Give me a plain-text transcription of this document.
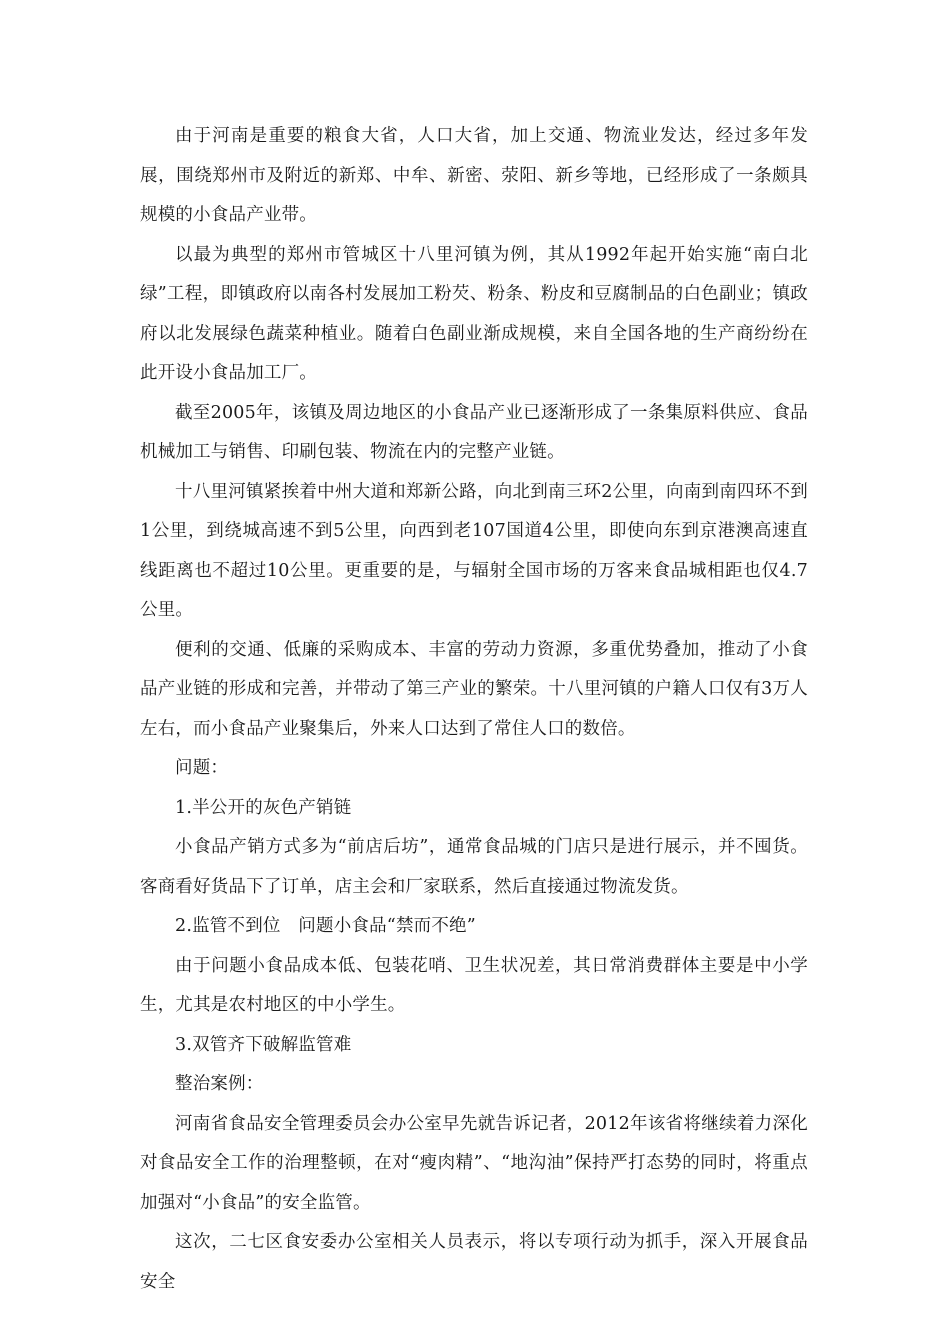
由于河南是重要的粮食大省，人口大省，加上交通、物流业发达，经过多年发展，围绕郑州市及附近的新郑、中牟、新密、荥阳、新乡等地，已经形成了一条颇具规模的小食品产业带。

以最为典型的郑州市管城区十八里河镇为例，其从1992年起开始实施“南白北绿”工程，即镇政府以南各村发展加工粉芡、粉条、粉皮和豆腐制品的白色副业；镇政府以北发展绿色蔬菜种植业。随着白色副业渐成规模，来自全国各地的生产商纷纷在此开设小食品加工厂。

截至2005年，该镇及周边地区的小食品产业已逐渐形成了一条集原料供应、食品机械加工与销售、印刷包装、物流在内的完整产业链。

十八里河镇紧挨着中州大道和郑新公路，向北到南三环2公里，向南到南四环不到1公里，到绕城高速不到5公里，向西到老107国道4公里，即使向东到京港澳高速直线距离也不超过10公里。更重要的是，与辐射全国市场的万客来食品城相距也仅4.7公里。

便利的交通、低廉的采购成本、丰富的劳动力资源，多重优势叠加，推动了小食品产业链的形成和完善，并带动了第三产业的繁荣。十八里河镇的户籍人口仅有3万人左右，而小食品产业聚集后，外来人口达到了常住人口的数倍。

问题：

1.半公开的灰色产销链

小食品产销方式多为“前店后坊”，通常食品城的门店只是进行展示，并不囤货。客商看好货品下了订单，店主会和厂家联系，然后直接通过物流发货。

2.监管不到位　问题小食品“禁而不绝”

由于问题小食品成本低、包装花哨、卫生状况差，其日常消费群体主要是中小学生，尤其是农村地区的中小学生。

3.双管齐下破解监管难

整治案例：

河南省食品安全管理委员会办公室早先就告诉记者，2012年该省将继续着力深化对食品安全工作的治理整顿，在对“瘦肉精”、“地沟油”保持严打态势的同时，将重点加强对“小食品”的安全监管。

这次，二七区食安委办公室相关人员表示，将以专项行动为抓手，深入开展食品安全
